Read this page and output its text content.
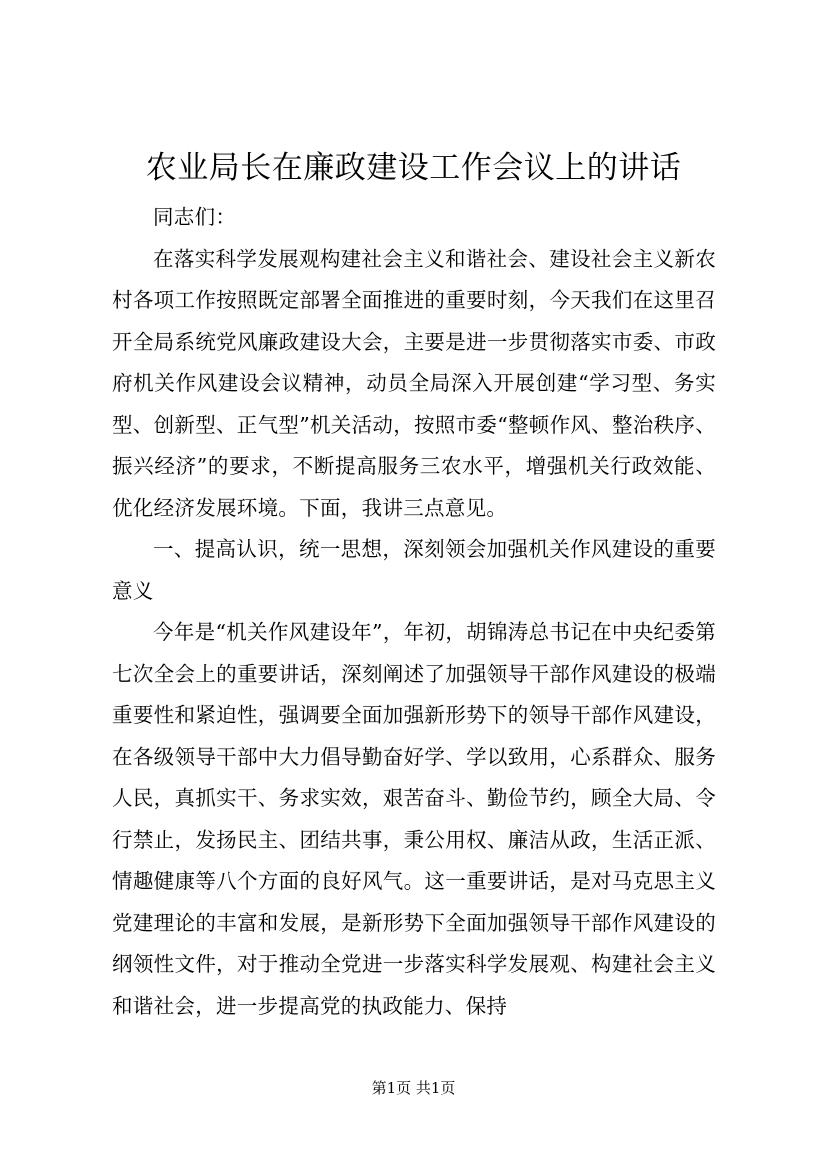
农业局长在廉政建设工作会议上的讲话

同志们：

在落实科学发展观构建社会主义和谐社会、建设社会主义新农村各项工作按照既定部署全面推进的重要时刻，今天我们在这里召开全局系统党风廉政建设大会，主要是进一步贯彻落实市委、市政府机关作风建设会议精神，动员全局深入开展创建“学习型、务实型、创新型、正气型”机关活动，按照市委“整顿作风、整治秩序、振兴经济”的要求，不断提高服务三农水平，增强机关行政效能、优化经济发展环境。下面，我讲三点意见。

一、提高认识，统一思想，深刻领会加强机关作风建设的重要意义

今年是“机关作风建设年”，年初，胡锦涛总书记在中央纪委第七次全会上的重要讲话，深刻阐述了加强领导干部作风建设的极端重要性和紧迫性，强调要全面加强新形势下的领导干部作风建设，在各级领导干部中大力倡导勤奋好学、学以致用，心系群众、服务人民，真抓实干、务求实效，艰苦奋斗、勤俭节约，顾全大局、令行禁止，发扬民主、团结共事，秉公用权、廉洁从政，生活正派、情趣健康等八个方面的良好风气。这一重要讲话，是对马克思主义党建理论的丰富和发展，是新形势下全面加强领导干部作风建设的纲领性文件，对于推动全党进一步落实科学发展观、构建社会主义和谐社会，进一步提高党的执政能力、保持

第1页 共1页
